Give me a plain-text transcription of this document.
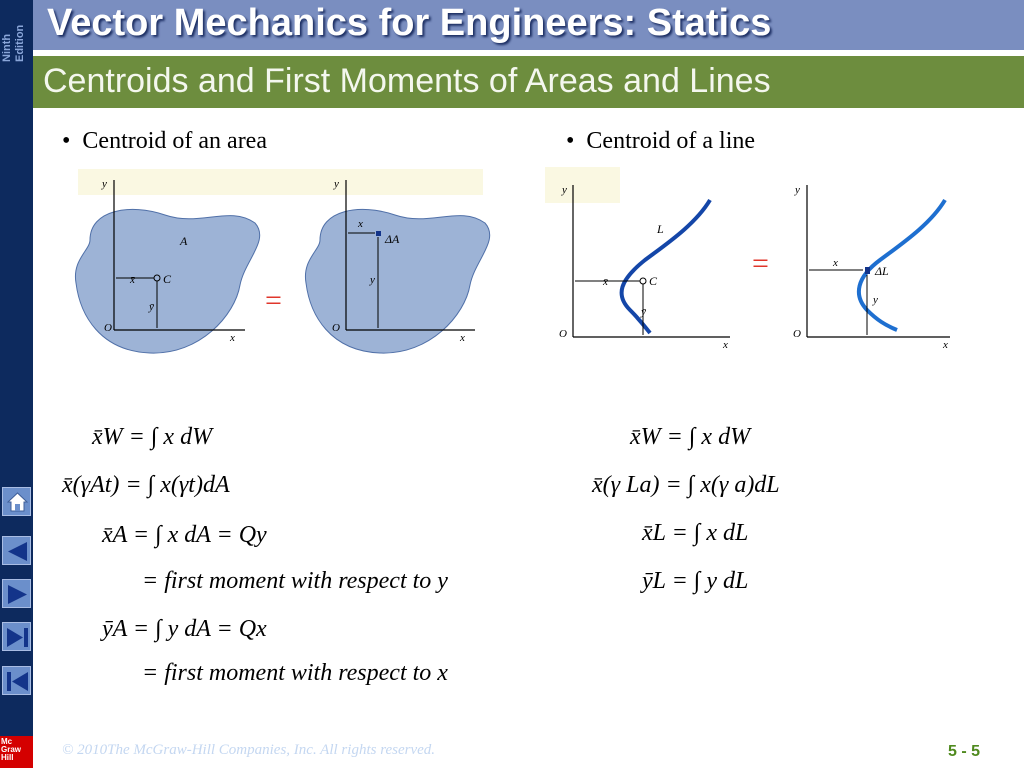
Ninth Edition
Mc
Graw
Hill
Vector Mechanics for Engineers: Statics
Centroids and First Moments of Areas and Lines
•  Centroid of an area	•  Centroid of a line
A
C
x̄
ȳ
y
x
O
=
x
ΔA
y
y
x
O
L
C
x̄
ȳ
y
x
O
=	x
ΔL
y
y
x
O
x̄W = ∫ x dW
x̄(γAt) = ∫ x(γt)dA
x̄A = ∫ x dA = Qy
= first moment with respect to y
ȳA = ∫ y dA = Qx
= first moment with respect to x
x̄W = ∫ x dW
x̄(γ La) = ∫ x(γ a)dL
x̄L = ∫ x dL
ȳL = ∫ y dL
© 2010The McGraw-Hill Companies, Inc. All rights reserved.	5 - 5
